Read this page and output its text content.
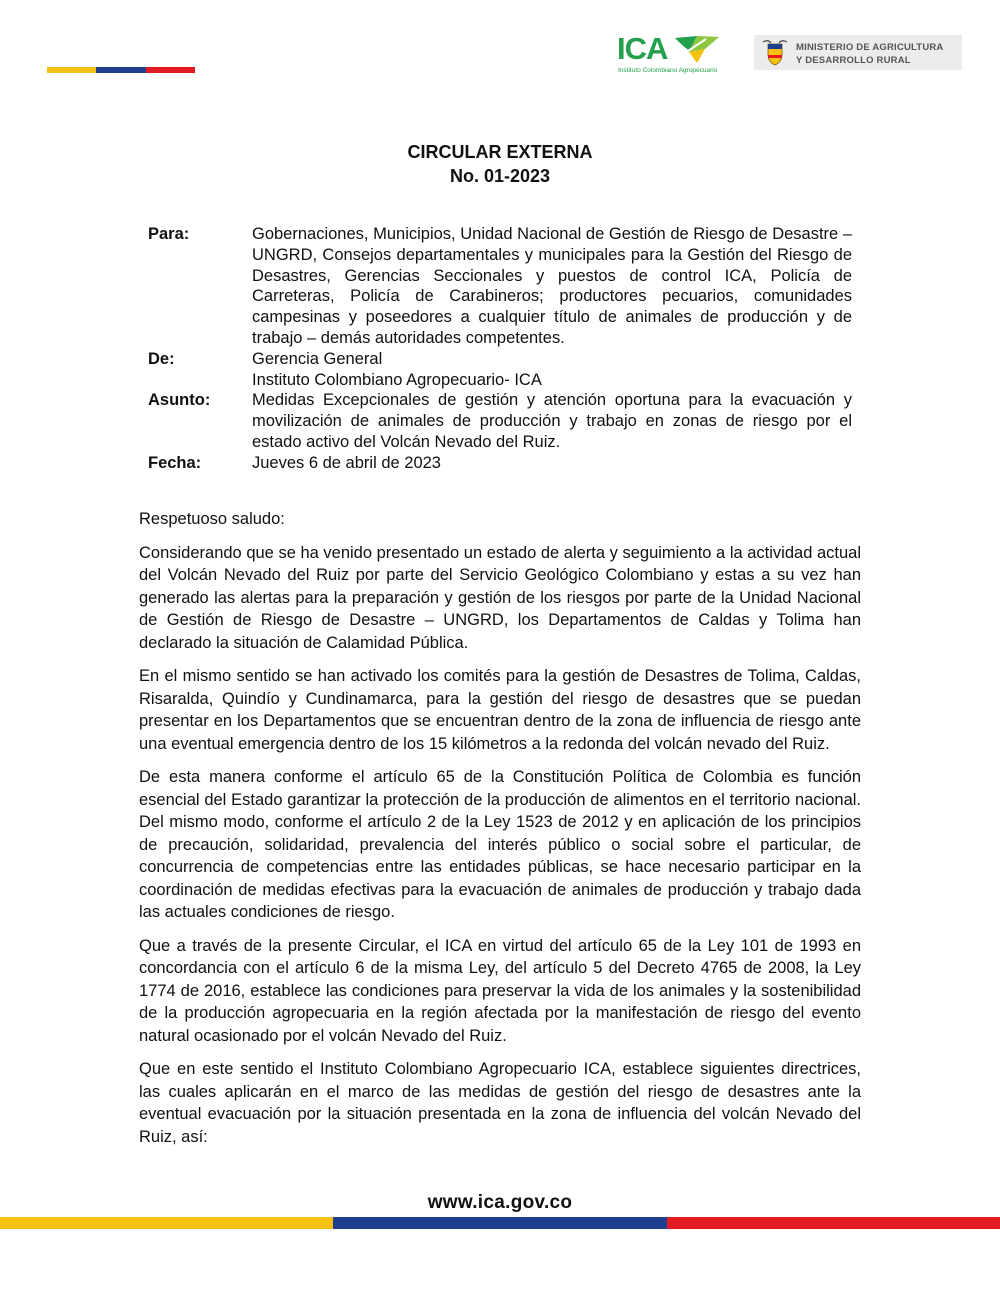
ICA
Instituto Colombiano Agropecuario
MINISTERIO DE AGRICULTURA
Y DESARROLLO RURAL
CIRCULAR EXTERNA
No. 01-2023
Para:	Gobernaciones, Municipios, Unidad Nacional de Gestión de Riesgo de Desastre – UNGRD, Consejos departamentales y municipales para la Gestión del Riesgo de Desastres, Gerencias Seccionales y puestos de control ICA, Policía de Carreteras, Policía de Carabineros; productores pecuarios, comunidades campesinas y poseedores a cualquier título de animales de producción y de trabajo – demás autoridades competentes.
De:	Gerencia General
Instituto Colombiano Agropecuario- ICA
Asunto:	Medidas Excepcionales de gestión y atención oportuna para la evacuación y movilización de animales de producción y trabajo en zonas de riesgo por el estado activo del Volcán Nevado del Ruiz.
Fecha:	Jueves 6 de abril de 2023

Respetuoso saludo:

Considerando que se ha venido presentado un estado de alerta y seguimiento a la actividad actual del Volcán Nevado del Ruiz por parte del Servicio Geológico Colombiano y estas a su vez han generado las alertas para la preparación y gestión de los riesgos por parte de la Unidad Nacional de Gestión de Riesgo de Desastre – UNGRD, los Departamentos de Caldas y Tolima han declarado la situación de Calamidad Pública.

En el mismo sentido se han activado los comités para la gestión de Desastres de Tolima, Caldas, Risaralda, Quindío y Cundinamarca, para la gestión del riesgo de desastres que se puedan presentar en los Departamentos que se encuentran dentro de la zona de influencia de riesgo ante una eventual emergencia dentro de los 15 kilómetros a la redonda del volcán nevado del Ruiz.

De esta manera conforme el artículo 65 de la Constitución Política de Colombia es función esencial del Estado garantizar la protección de la producción de alimentos en el territorio nacional. Del mismo modo, conforme el artículo 2 de la Ley 1523 de 2012 y en aplicación de los principios de precaución, solidaridad, prevalencia del interés público o social sobre el particular, de concurrencia de competencias entre las entidades públicas, se hace necesario participar en la coordinación de medidas efectivas para la evacuación de animales de producción y trabajo dada las actuales condiciones de riesgo.

Que a través de la presente Circular, el ICA en virtud del artículo 65 de la Ley 101 de 1993 en concordancia con el artículo 6 de la misma Ley, del artículo 5 del Decreto 4765 de 2008, la Ley 1774 de 2016, establece las condiciones para preservar la vida de los animales y la sostenibilidad de la producción agropecuaria en la región afectada por la manifestación de riesgo del evento natural ocasionado por el volcán Nevado del Ruiz.

Que en este sentido el Instituto Colombiano Agropecuario ICA, establece siguientes directrices, las cuales aplicarán en el marco de las medidas de gestión del riesgo de desastres ante la eventual evacuación por la situación presentada en la zona de influencia del volcán Nevado del Ruiz, así:

www.ica.gov.co
